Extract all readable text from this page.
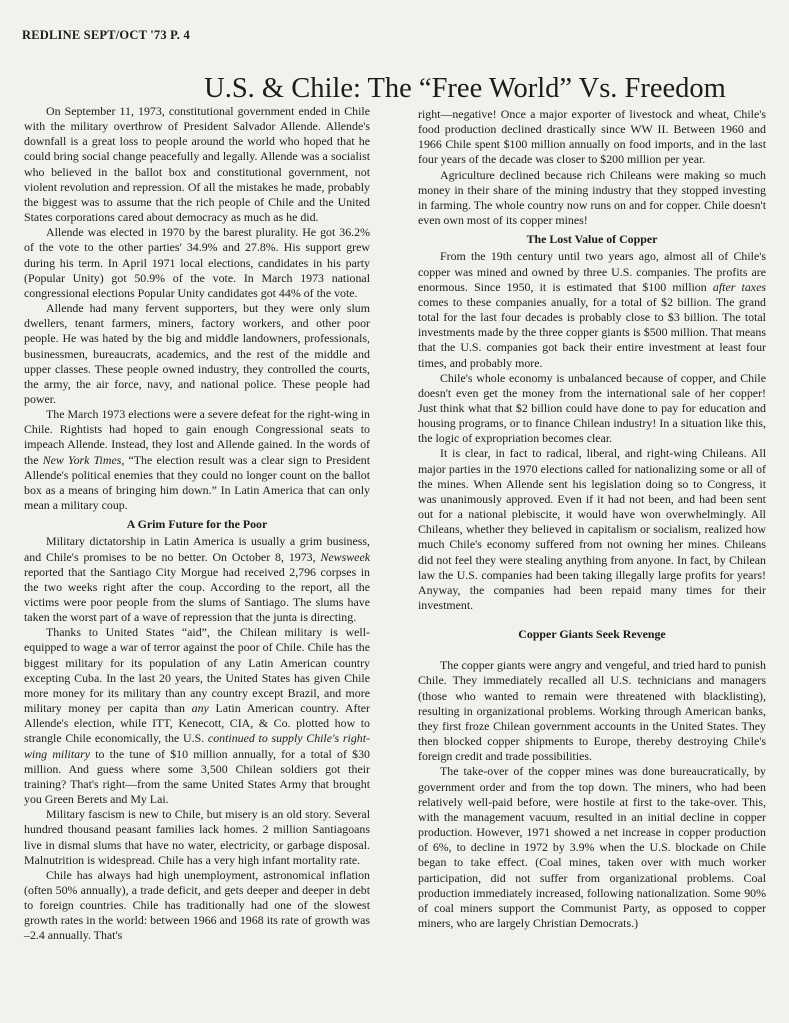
REDLINE SEPT/OCT '73 P. 4
U.S. & Chile: The “Free World” Vs. Freedom

On September 11, 1973, constitutional government ended in Chile with the military overthrow of President Salvador Allende. Allende's downfall is a great loss to people around the world who hoped that he could bring social change peacefully and legally. Allende was a socialist who believed in the ballot box and constitutional government, not violent revolution and repression. Of all the mistakes he made, probably the biggest was to assume that the rich people of Chile and the United States corporations cared about democracy as much as he did.

Allende was elected in 1970 by the barest plurality. He got 36.2% of the vote to the other parties' 34.9% and 27.8%. His support grew during his term. In April 1971 local elections, candidates in his party (Popular Unity) got 50.9% of the vote. In March 1973 national congressional elections Popular Unity candidates got 44% of the vote.

Allende had many fervent supporters, but they were only slum dwellers, tenant farmers, miners, factory workers, and other poor people. He was hated by the big and middle landowners, professionals, businessmen, bureaucrats, academics, and the rest of the middle and upper classes. These people owned industry, they controlled the courts, the army, the air force, navy, and national police. These people had power.

The March 1973 elections were a severe defeat for the right-wing in Chile. Rightists had hoped to gain enough Congressional seats to impeach Allende. Instead, they lost and Allende gained. In the words of the New York Times, “The election result was a clear sign to President Allende's political enemies that they could no longer count on the ballot box as a means of bringing him down.” In Latin America that can only mean a military coup.

A Grim Future for the Poor

Military dictatorship in Latin America is usually a grim business, and Chile's promises to be no better. On October 8, 1973, Newsweek reported that the Santiago City Morgue had received 2,796 corpses in the two weeks right after the coup. According to the report, all the victims were poor people from the slums of Santiago. The slums have taken the worst part of a wave of repression that the junta is directing.

Thanks to United States “aid”, the Chilean military is well-equipped to wage a war of terror against the poor of Chile. Chile has the biggest military for its population of any Latin American country excepting Cuba. In the last 20 years, the United States has given Chile more money for its military than any country except Brazil, and more military money per capita than any Latin American country. After Allende's election, while ITT, Kenecott, CIA, & Co. plotted how to strangle Chile economically, the U.S. continued to supply Chile's right-wing military to the tune of $10 million annually, for a total of $30 million. And guess where some 3,500 Chilean soldiers got their training? That's right—from the same United States Army that brought you Green Berets and My Lai.

Military fascism is new to Chile, but misery is an old story. Several hundred thousand peasant families lack homes. 2 million Santiagoans live in dismal slums that have no water, electricity, or garbage disposal. Malnutrition is widespread. Chile has a very high infant mortality rate.

Chile has always had high unemployment, astronomical inflation (often 50% annually), a trade deficit, and gets deeper and deeper in debt to foreign countries. Chile has traditionally had one of the slowest growth rates in the world: between 1966 and 1968 its rate of growth was –2.4 annually. That's

right—negative! Once a major exporter of livestock and wheat, Chile's food production declined drastically since WW II. Between 1960 and 1966 Chile spent $100 million annually on food imports, and in the last four years of the decade was closer to $200 million per year.

Agriculture declined because rich Chileans were making so much money in their share of the mining industry that they stopped investing in farming. The whole country now runs on and for copper. Chile doesn't even own most of its copper mines!

The Lost Value of Copper

From the 19th century until two years ago, almost all of Chile's copper was mined and owned by three U.S. companies. The profits are enormous. Since 1950, it is estimated that $100 million after taxes comes to these companies anually, for a total of $2 billion. The grand total for the last four decades is probably close to $3 billion. The total investments made by the three copper giants is $500 million. That means that the U.S. companies got back their entire investment at least four times, and probably more.

Chile's whole economy is unbalanced because of copper, and Chile doesn't even get the money from the international sale of her copper! Just think what that $2 billion could have done to pay for education and housing programs, or to finance Chilean industry! In a situation like this, the logic of expropriation becomes clear.

It is clear, in fact to radical, liberal, and right-wing Chileans. All major parties in the 1970 elections called for nationalizing some or all of the mines. When Allende sent his legislation doing so to Congress, it was unanimously approved. Even if it had not been, and had been sent out for a national plebiscite, it would have won overwhelmingly. All Chileans, whether they believed in capitalism or socialism, realized how much Chile's economy suffered from not owning her mines. Chileans did not feel they were stealing anything from anyone. In fact, by Chilean law the U.S. companies had been taking illegally large profits for years! Anyway, the companies had been repaid many times for their investment.

Copper Giants Seek Revenge

The copper giants were angry and vengeful, and tried hard to punish Chile. They immediately recalled all U.S. technicians and managers (those who wanted to remain were threatened with blacklisting), resulting in organizational problems. Working through American banks, they first froze Chilean government accounts in the United States. They then blocked copper shipments to Europe, thereby destroying Chile's foreign credit and trade possibilities.

The take-over of the copper mines was done bureaucratically, by government order and from the top down. The miners, who had been relatively well-paid before, were hostile at first to the take-over. This, with the management vacuum, resulted in an initial decline in copper production. However, 1971 showed a net increase in copper production of 6%, to decline in 1972 by 3.9% when the U.S. blockade on Chile began to take effect. (Coal mines, taken over with much worker participation, did not suffer from organizational problems. Coal production immediately increased, following nationalization. Some 90% of coal miners support the Communist Party, as opposed to copper miners, who are largely Christian Democrats.)
